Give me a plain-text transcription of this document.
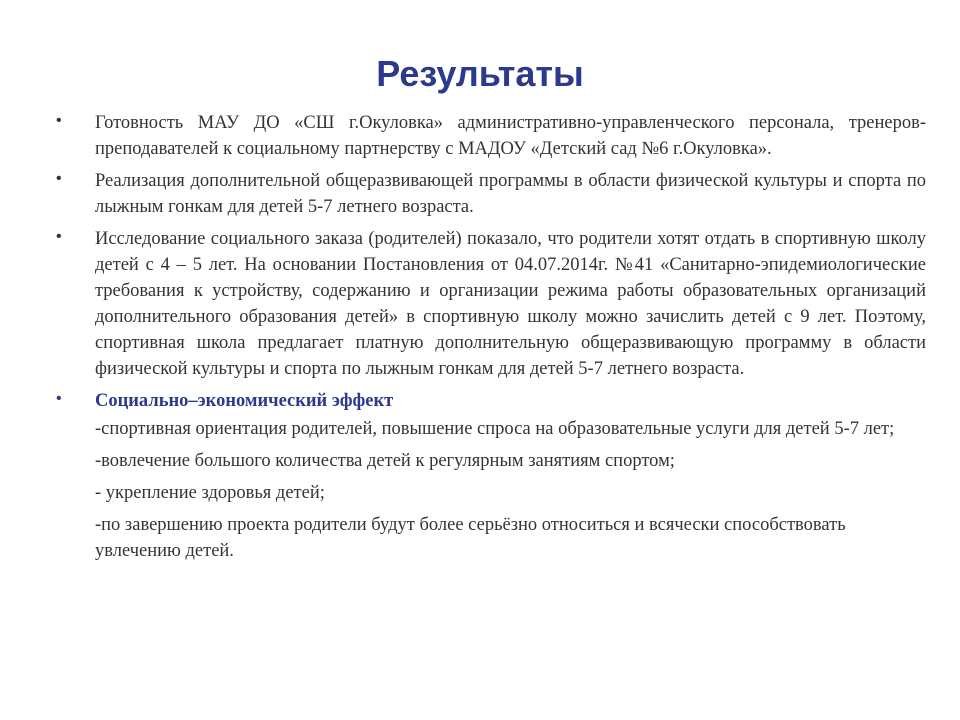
Результаты
•	Готовность МАУ ДО «СШ г.Окуловка» административно-управленческого персонала, тренеров-преподавателей к социальному партнерству с МАДОУ «Детский сад №6 г.Окуловка».
•	Реализация дополнительной общеразвивающей программы в области физической культуры и спорта по лыжным гонкам для детей 5-7 летнего возраста.
•	Исследование социального заказа (родителей) показало, что родители хотят отдать в спортивную школу детей с 4 – 5 лет. На основании Постановления от 04.07.2014г. №41 «Санитарно-эпидемиологические требования к устройству, содержанию и организации режима работы образовательных организаций дополнительного образования детей» в спортивную школу можно зачислить детей с 9 лет. Поэтому, спортивная школа предлагает платную дополнительную общеразвивающую программу в области физической культуры и спорта по лыжным гонкам для детей 5-7 летнего возраста.
•	Социально–экономический эффект
-спортивная ориентация родителей, повышение спроса на образовательные услуги для детей 5-7 лет;
-вовлечение большого количества детей к регулярным занятиям спортом;
- укрепление здоровья детей;
-по завершению проекта родители будут более серьёзно относиться и всячески способствовать увлечению детей.
